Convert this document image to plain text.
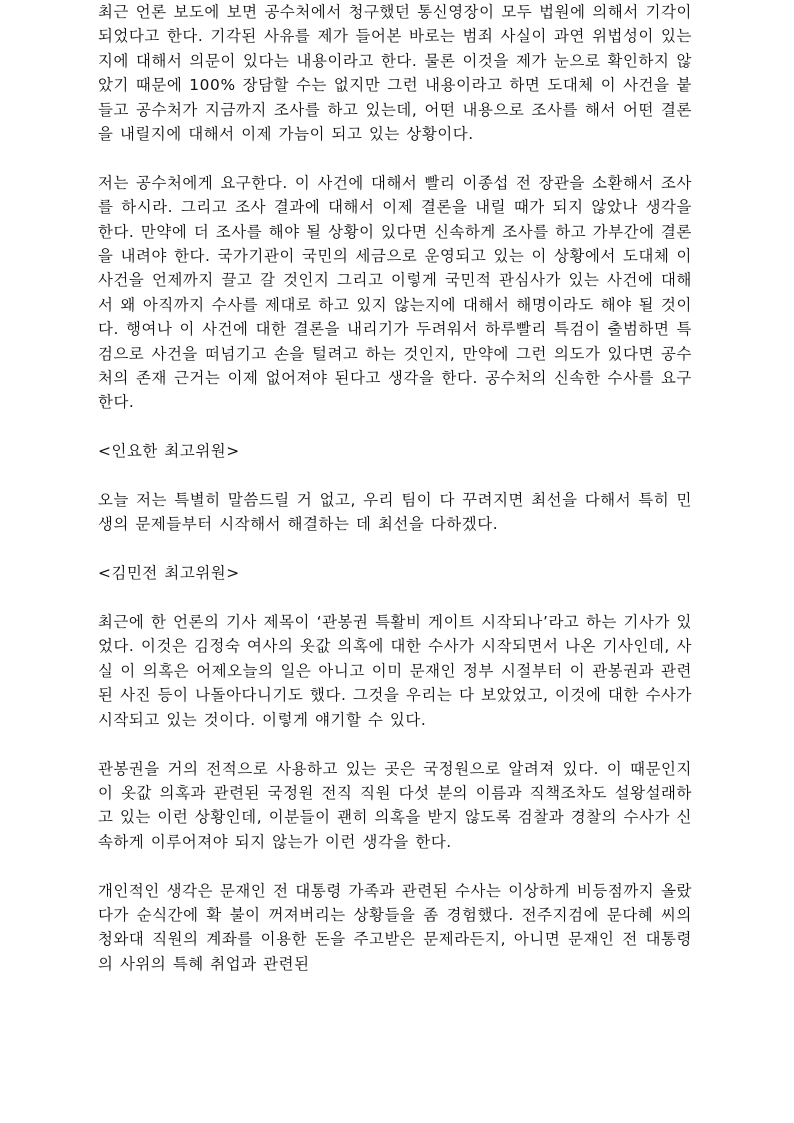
최근 언론 보도에 보면 공수처에서 청구했던 통신영장이 모두 법원에 의해서 기각이 되었다고 한다. 기각된 사유를 제가 들어본 바로는 범죄 사실이 과연 위법성이 있는지에 대해서 의문이 있다는 내용이라고 한다. 물론 이것을 제가 눈으로 확인하지 않았기 때문에 100% 장담할 수는 없지만 그런 내용이라고 하면 도대체 이 사건을 붙들고 공수처가 지금까지 조사를 하고 있는데, 어떤 내용으로 조사를 해서 어떤 결론을 내릴지에 대해서 이제 가늠이 되고 있는 상황이다.

저는 공수처에게 요구한다. 이 사건에 대해서 빨리 이종섭 전 장관을 소환해서 조사를 하시라. 그리고 조사 결과에 대해서 이제 결론을 내릴 때가 되지 않았나 생각을 한다. 만약에 더 조사를 해야 될 상황이 있다면 신속하게 조사를 하고 가부간에 결론을 내려야 한다. 국가기관이 국민의 세금으로 운영되고 있는 이 상황에서 도대체 이 사건을 언제까지 끌고 갈 것인지 그리고 이렇게 국민적 관심사가 있는 사건에 대해서 왜 아직까지 수사를 제대로 하고 있지 않는지에 대해서 해명이라도 해야 될 것이다. 행여나 이 사건에 대한 결론을 내리기가 두려워서 하루빨리 특검이 출범하면 특검으로 사건을 떠넘기고 손을 털려고 하는 것인지, 만약에 그런 의도가 있다면 공수처의 존재 근거는 이제 없어져야 된다고 생각을 한다. 공수처의 신속한 수사를 요구한다.

<인요한 최고위원>

오늘 저는 특별히 말씀드릴 거 없고, 우리 팀이 다 꾸려지면 최선을 다해서 특히 민생의 문제들부터 시작해서 해결하는 데 최선을 다하겠다.

<김민전 최고위원>

최근에 한 언론의 기사 제목이 ‘관봉권 특활비 게이트 시작되나’라고 하는 기사가 있었다. 이것은 김정숙 여사의 옷값 의혹에 대한 수사가 시작되면서 나온 기사인데, 사실 이 의혹은 어제오늘의 일은 아니고 이미 문재인 정부 시절부터 이 관봉권과 관련된 사진 등이 나돌아다니기도 했다. 그것을 우리는 다 보았었고, 이것에 대한 수사가 시작되고 있는 것이다. 이렇게 얘기할 수 있다.

관봉권을 거의 전적으로 사용하고 있는 곳은 국정원으로 알려져 있다. 이 때문인지 이 옷값 의혹과 관련된 국정원 전직 직원 다섯 분의 이름과 직책조차도 설왕설래하고 있는 이런 상황인데, 이분들이 괜히 의혹을 받지 않도록 검찰과 경찰의 수사가 신속하게 이루어져야 되지 않는가 이런 생각을 한다.

개인적인 생각은 문재인 전 대통령 가족과 관련된 수사는 이상하게 비등점까지 올랐다가 순식간에 확 불이 꺼져버리는 상황들을 좀 경험했다. 전주지검에 문다혜 씨의 청와대 직원의 계좌를 이용한 돈을 주고받은 문제라든지, 아니면 문재인 전 대통령의 사위의 특혜 취업과 관련된
